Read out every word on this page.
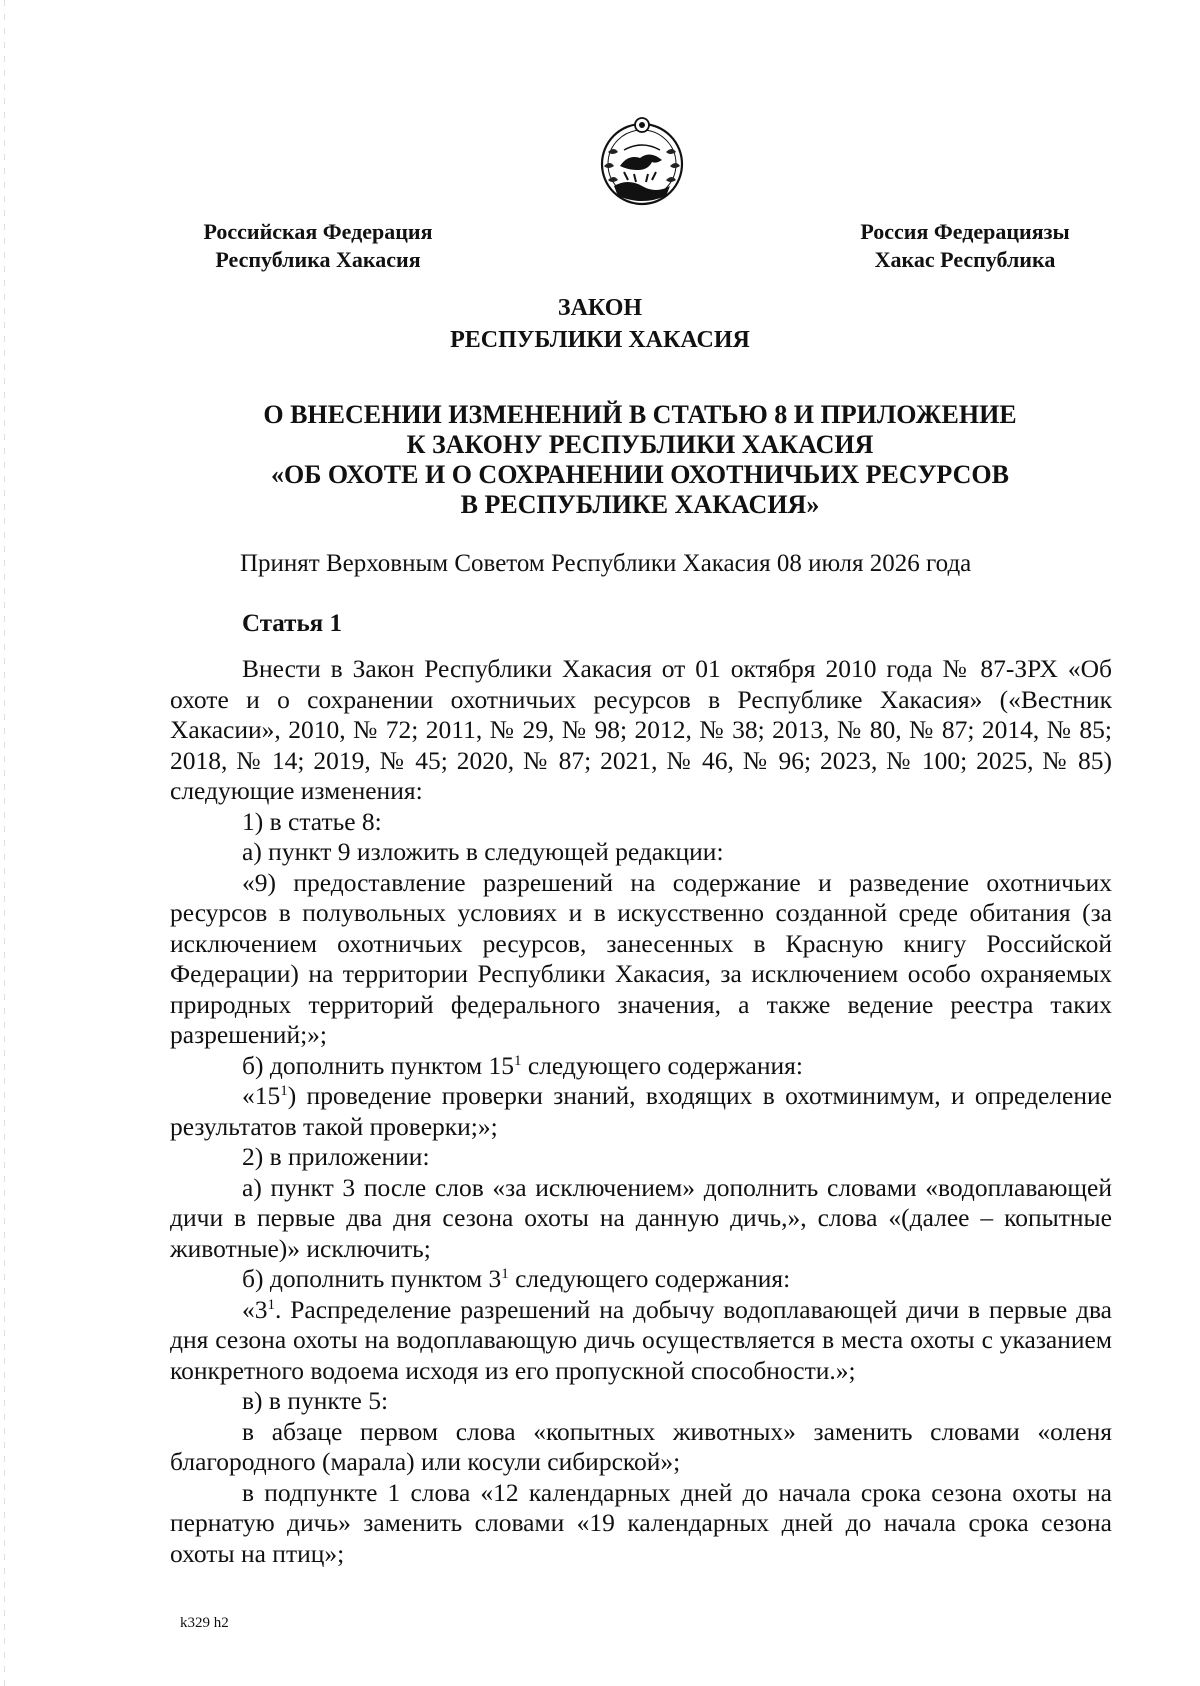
Российская Федерация
Республика Хакасия
Россия Федерациязы
Хакас Республика
ЗАКОН
РЕСПУБЛИКИ ХАКАСИЯ
О ВНЕСЕНИИ ИЗМЕНЕНИЙ В СТАТЬЮ 8 И ПРИЛОЖЕНИЕ
К ЗАКОНУ РЕСПУБЛИКИ ХАКАСИЯ
«ОБ ОХОТЕ И О СОХРАНЕНИИ ОХОТНИЧЬИХ РЕСУРСОВ
В РЕСПУБЛИКЕ ХАКАСИЯ»
Принят Верховным Советом Республики Хакасия 08 июля 2026 года
Статья 1

Внести в Закон Республики Хакасия от 01 октября 2010 года № 87-ЗРХ «Об охоте и о сохранении охотничьих ресурсов в Республике Хакасия» («Вестник Хакасии», 2010, № 72; 2011, № 29, № 98; 2012, № 38; 2013, № 80, № 87; 2014, № 85; 2018, № 14; 2019, № 45; 2020, № 87; 2021, № 46, № 96; 2023, № 100; 2025, № 85) следующие изменения:

1) в статье 8:

а) пункт 9 изложить в следующей редакции:

«9) предоставление разрешений на содержание и разведение охотничьих ресурсов в полувольных условиях и в искусственно созданной среде обитания (за исключением охотничьих ресурсов, занесенных в Красную книгу Российской Федерации) на территории Республики Хакасия, за исключением особо охраняемых природных территорий федерального значения, а также ведение реестра таких разрешений;»;

б) дополнить пунктом $15^1$ следующего содержания:

«$15^1$) проведение проверки знаний, входящих в охотминимум, и определение результатов такой проверки;»;

2) в приложении:

а) пункт 3 после слов «за исключением» дополнить словами «водоплавающей дичи в первые два дня сезона охоты на данную дичь,», слова «(далее – копытные животные)» исключить;

б) дополнить пунктом $3^1$ следующего содержания:

«$3^1$. Распределение разрешений на добычу водоплавающей дичи в первые два дня сезона охоты на водоплавающую дичь осуществляется в места охоты с указанием конкретного водоема исходя из его пропускной способности.»;

в) в пункте 5:

в абзаце первом слова «копытных животных» заменить словами «оленя благородного (марала) или косули сибирской»;

в подпункте 1 слова «12 календарных дней до начала срока сезона охоты на пернатую дичь» заменить словами «19 календарных дней до начала срока сезона охоты на птиц»;

k329 h2
